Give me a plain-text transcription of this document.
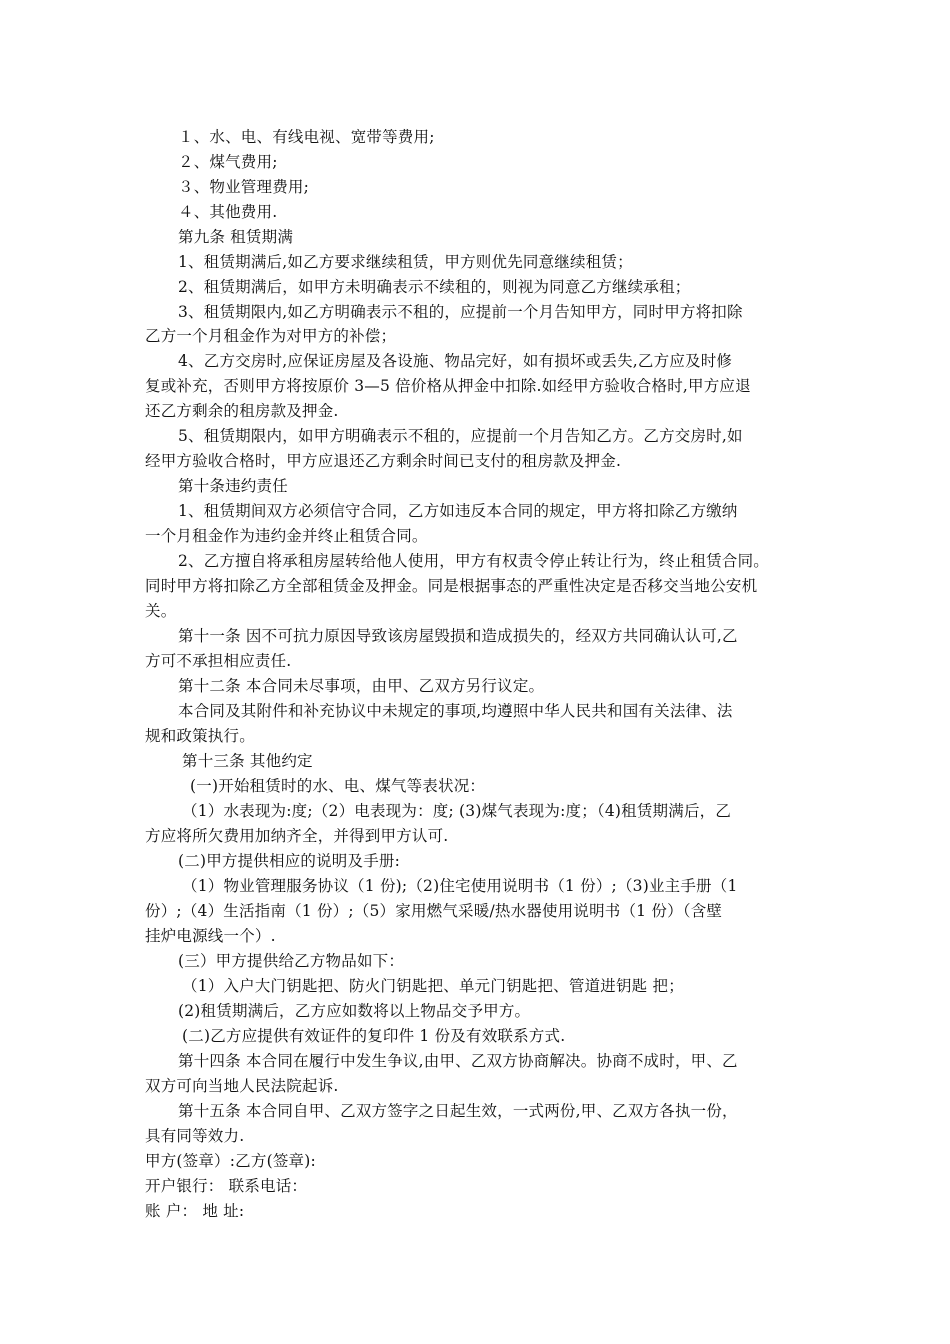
１、水、电、有线电视、宽带等费用;
２、煤气费用;
３、物业管理费用;
４、其他费用.
第九条 租赁期满
1、租赁期满后,如乙方要求继续租赁，甲方则优先同意继续租赁；
2、租赁期满后，如甲方未明确表示不续租的，则视为同意乙方继续承租；
3、租赁期限内,如乙方明确表示不租的，应提前一个月告知甲方，同时甲方将扣除
乙方一个月租金作为对甲方的补偿；
4、乙方交房时,应保证房屋及各设施、物品完好，如有损坏或丢失,乙方应及时修
复或补充，否则甲方将按原价 3—5 倍价格从押金中扣除.如经甲方验收合格时,甲方应退
还乙方剩余的租房款及押金.
5、租赁期限内，如甲方明确表示不租的，应提前一个月告知乙方。乙方交房时,如
经甲方验收合格时，甲方应退还乙方剩余时间已支付的租房款及押金.
第十条违约责任
1、租赁期间双方必须信守合同，乙方如违反本合同的规定，甲方将扣除乙方缴纳
一个月租金作为违约金并终止租赁合同。
2、乙方擅自将承租房屋转给他人使用，甲方有权责令停止转让行为，终止租赁合同。
同时甲方将扣除乙方全部租赁金及押金。同是根据事态的严重性决定是否移交当地公安机
关。
第十一条 因不可抗力原因导致该房屋毁损和造成损失的，经双方共同确认认可,乙
方可不承担相应责任.
第十二条 本合同未尽事项，由甲、乙双方另行议定。
本合同及其附件和补充协议中未规定的事项,均遵照中华人民共和国有关法律、法
规和政策执行。
第十三条 其他约定
(一)开始租赁时的水、电、煤气等表状况：
（1）水表现为:度;（2）电表现为：度; (3)煤气表现为:度；（4)租赁期满后，乙
方应将所欠费用加纳齐全，并得到甲方认可.
(二)甲方提供相应的说明及手册:
（1）物业管理服务协议（1 份);（2)住宅使用说明书（1 份）;（3)业主手册（1
份）;（4）生活指南（1 份）;（5）家用燃气采暖/热水器使用说明书（1 份）（含壁
挂炉电源线一个）.
(三）甲方提供给乙方物品如下：
（1）入户大门钥匙把、防火门钥匙把、单元门钥匙把、管道进钥匙 把；
(2)租赁期满后，乙方应如数将以上物品交予甲方。
(二)乙方应提供有效证件的复印件 1 份及有效联系方式.
第十四条 本合同在履行中发生争议,由甲、乙双方协商解决。协商不成时，甲、乙
双方可向当地人民法院起诉.
第十五条 本合同自甲、乙双方签字之日起生效，一式两份,甲、乙双方各执一份，
具有同等效力.
甲方(签章）:乙方(签章):
开户银行： 联系电话：
账 户： 地 址:
